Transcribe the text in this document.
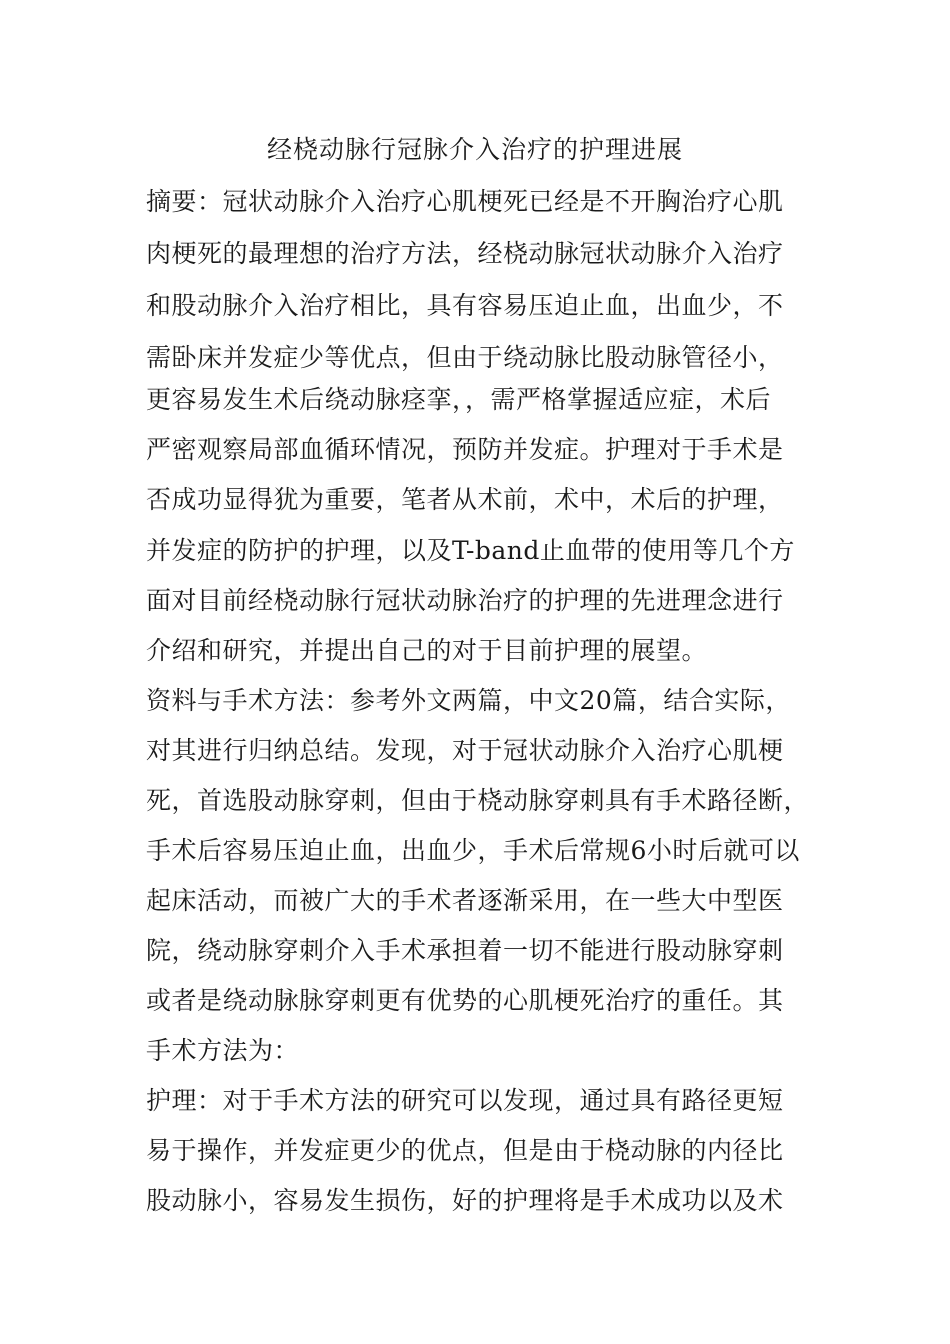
经桡动脉行冠脉介入治疗的护理进展
摘要：冠状动脉介入治疗心肌梗死已经是不开胸治疗心肌
肉梗死的最理想的治疗方法，经桡动脉冠状动脉介入治疗
和股动脉介入治疗相比，具有容易压迫止血，出血少，不
需卧床并发症少等优点，但由于绕动脉比股动脉管径小，
更容易发生术后绕动脉痉挛，，需严格掌握适应症，术后
严密观察局部血循环情况，预防并发症。护理对于手术是
否成功显得犹为重要，笔者从术前，术中，术后的护理，
并发症的防护的护理，以及T-band止血带的使用等几个方
面对目前经桡动脉行冠状动脉治疗的护理的先进理念进行
介绍和研究，并提出自己的对于目前护理的展望。
资料与手术方法：参考外文两篇，中文20篇，结合实际，
对其进行归纳总结。发现，对于冠状动脉介入治疗心肌梗
死，首选股动脉穿刺，但由于桡动脉穿刺具有手术路径断，
手术后容易压迫止血，出血少，手术后常规6小时后就可以
起床活动，而被广大的手术者逐渐采用，在一些大中型医
院，绕动脉穿刺介入手术承担着一切不能进行股动脉穿刺
或者是绕动脉脉穿刺更有优势的心肌梗死治疗的重任。其
手术方法为：
护理：对于手术方法的研究可以发现，通过具有路径更短
易于操作，并发症更少的优点，但是由于桡动脉的内径比
股动脉小，容易发生损伤，好的护理将是手术成功以及术
